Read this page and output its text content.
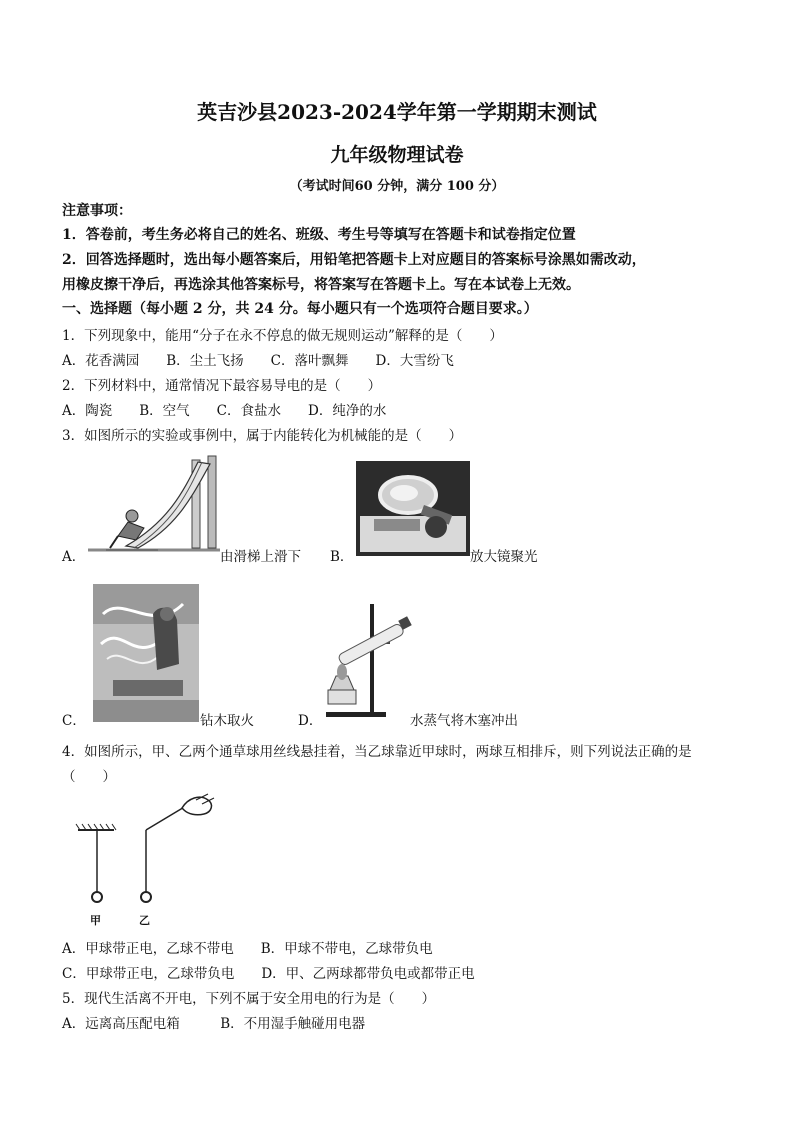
英吉沙县2023-2024学年第一学期期末测试
九年级物理试卷
（考试时间60 分钟，满分 100 分）
注意事项：
1．答卷前，考生务必将自己的姓名、班级、考生号等填写在答题卡和试卷指定位置
2．回答选择题时，选出每小题答案后，用铅笔把答题卡上对应题目的答案标号涂黑如需改动，
用橡皮擦干净后，再选涂其他答案标号，将答案写在答题卡上。写在本试卷上无效。
一、选择题（每小题 2 分，共 24 分。每小题只有一个选项符合题目要求。）
1．下列现象中，能用“分子在永不停息的做无规则运动”解释的是（　　）
A．花香满园　　B．尘土飞扬　　C．落叶飘舞　　D．大雪纷飞
2．下列材料中，通常情况下最容易导电的是（　　）
A．陶瓷　　B．空气　　C．食盐水　　D．纯净的水
3．如图所示的实验或事例中，属于内能转化为机械能的是（　　）
A．	由滑梯上滑下 B．	放大镜聚光
C．	钻木取火	D．	水蒸气将木塞冲出
4．如图所示，甲、乙两个通草球用丝线悬挂着，当乙球靠近甲球时，两球互相排斥，则下列说法正确的是
（　　）
甲	乙
A．甲球带正电，乙球不带电　　B．甲球不带电，乙球带负电
C．甲球带正电，乙球带负电　　D．甲、乙两球都带负电或都带正电
5．现代生活离不开电，下列不属于安全用电的行为是（　　）
A．远离高压配电箱　　　B．不用湿手触碰用电器
